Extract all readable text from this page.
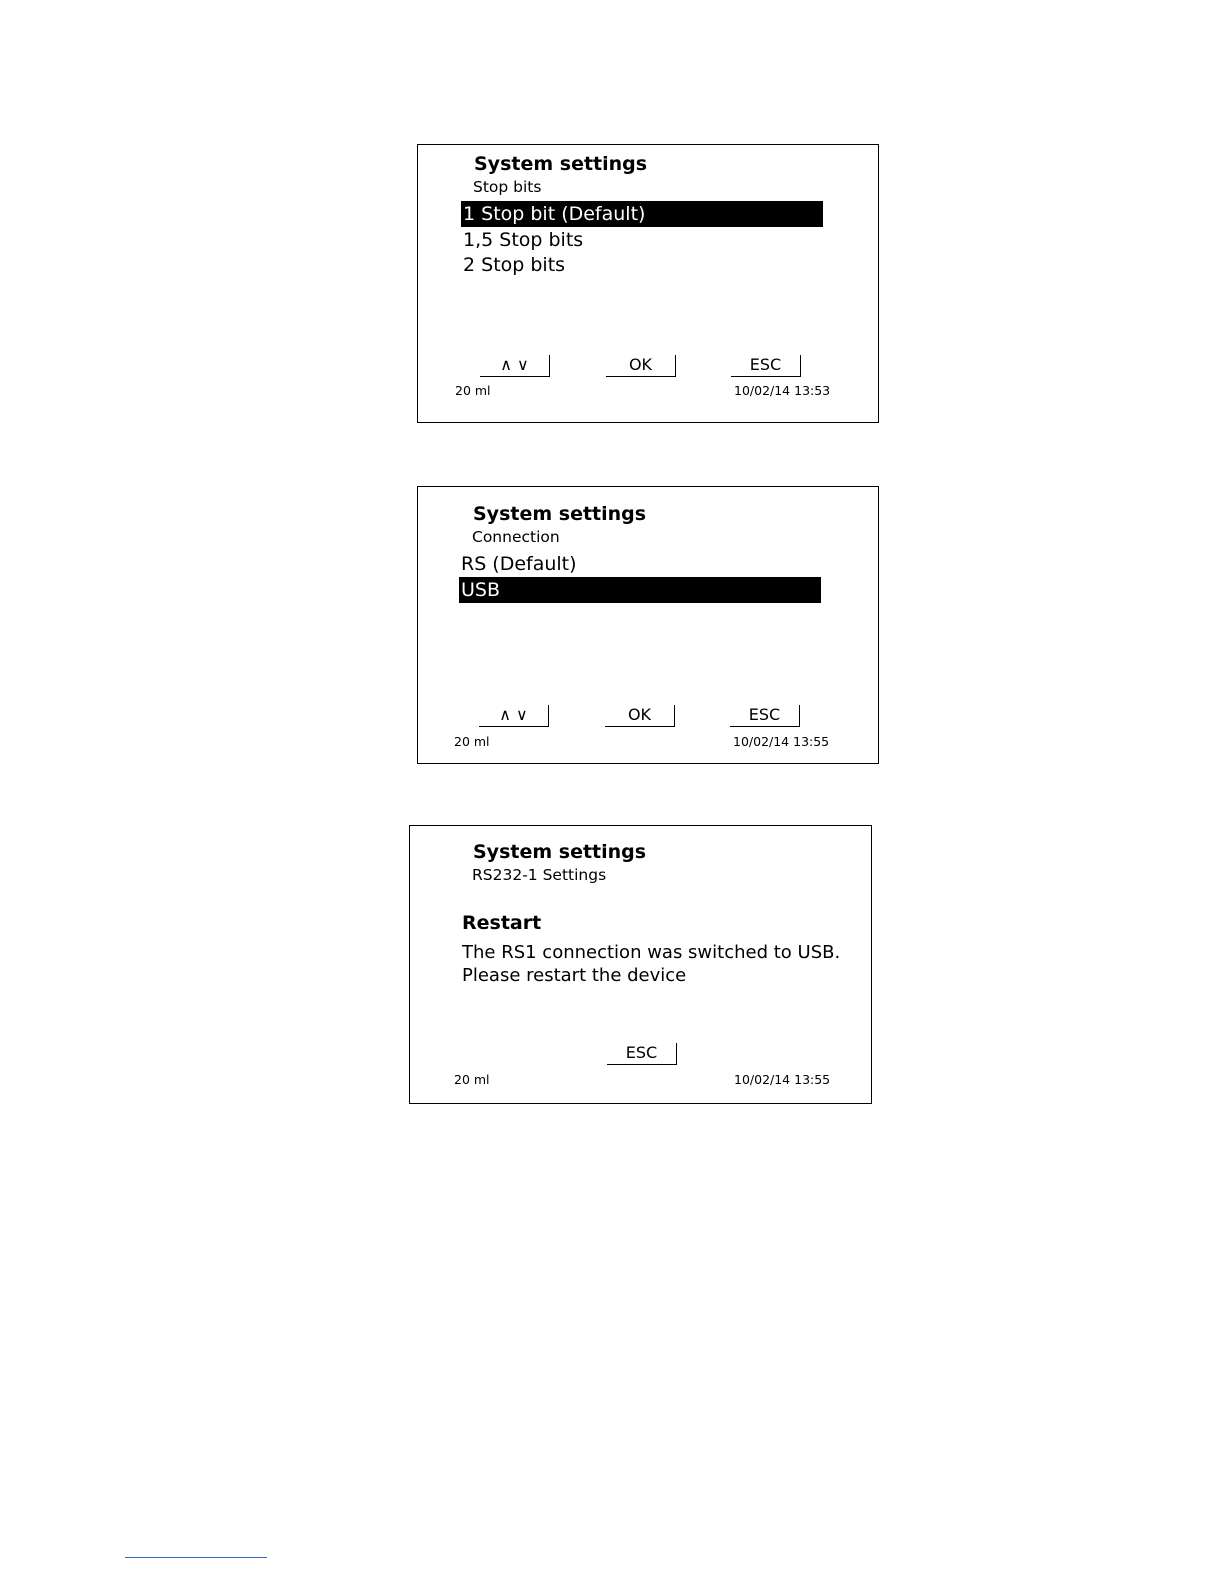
System settings
Stop bits
1 Stop bit (Default)
1,5 Stop bits
2 Stop bits
∧ ∨	OK	ESC
20 ml	10/02/14 13:53
System settings
Connection
RS (Default)
USB
∧ ∨	OK	ESC
20 ml	10/02/14 13:55
System settings
RS232-1 Settings
Restart
The RS1 connection was switched to USB.
Please restart the device
ESC
20 ml	10/02/14 13:55
